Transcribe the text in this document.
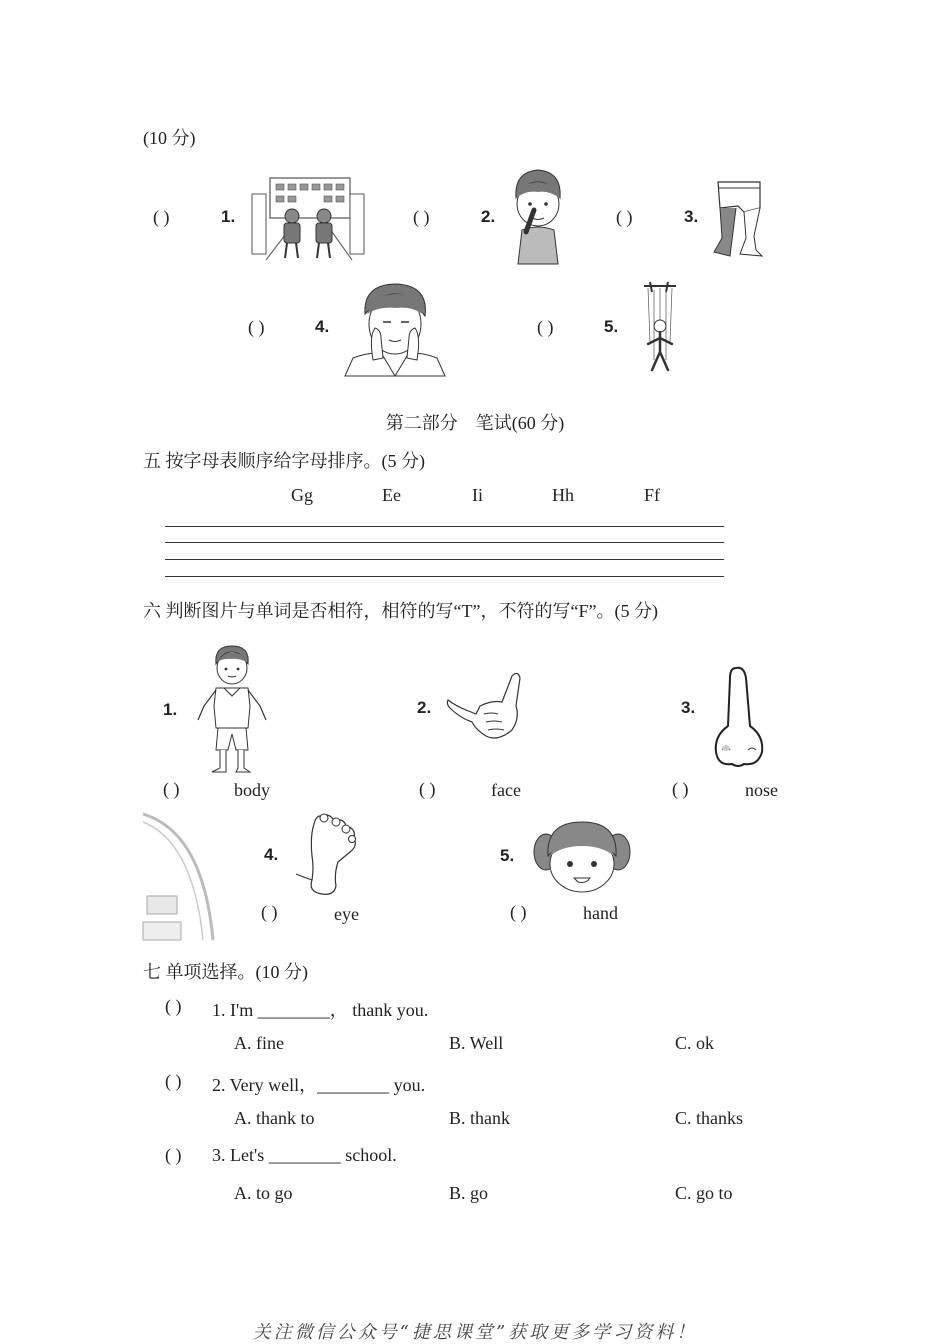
(10 分)
( )	1.	( )	2.	( )	3.
( )	4.	( )	5.
第二部分　笔试(60 分)
五 按字母表顺序给字母排序。(5 分)
Gg	Ee	Ii	Hh	Ff
六 判断图片与单词是否相符，相符的写“T”，不符的写“F”。(5 分)
1.
( )	body
2.
( )	face
3.
( )	nose
4.
( )	eye
5.
( )	hand
七 单项选择。(10 分)
( ) 1. I'm ________， thank you.
A. fine	B. Well	C. ok
( ) 2. Very well，________ you.
A. thank to	B. thank	C. thanks
( ) 3. Let's ________ school.
A. to go	B. go	C. go to
关注微信公众号“捷思课堂”获取更多学习资料！
